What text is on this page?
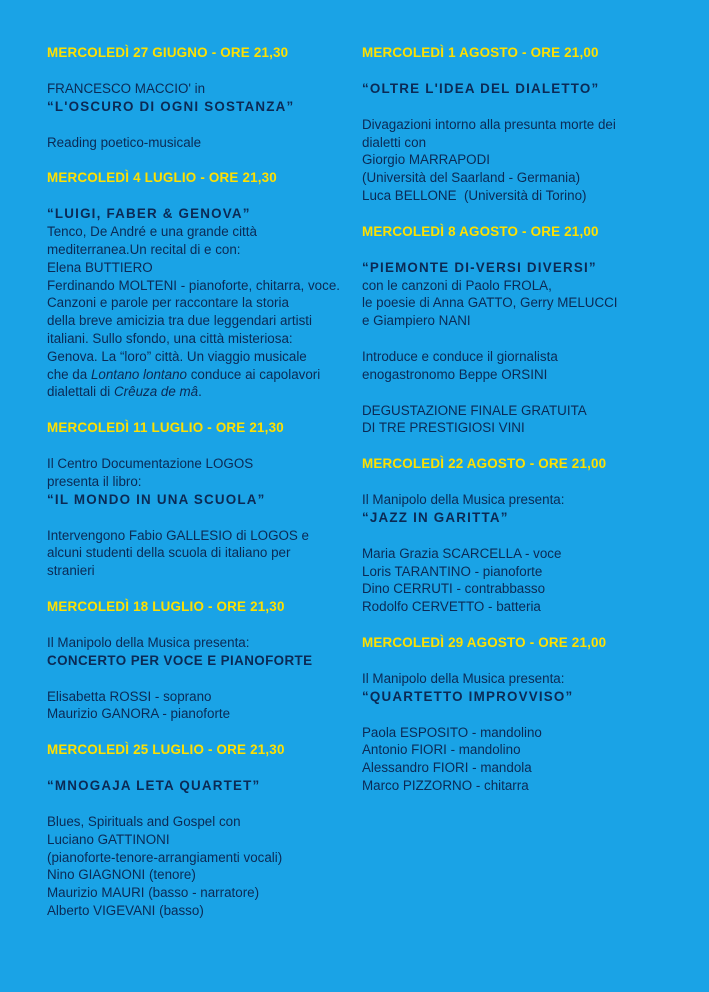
MERCOLEDÌ 27 GIUGNO - ORE 21,30
FRANCESCO MACCIO' in
“L'OSCURO DI OGNI SOSTANZA”
Reading poetico-musicale
MERCOLEDÌ 4 LUGLIO - ORE 21,30
“LUIGI, FABER & GENOVA”
Tenco, De André e una grande città
mediterranea.Un recital di e con:
Elena BUTTIERO
Ferdinando MOLTENI - pianoforte, chitarra, voce.
Canzoni e parole per raccontare la storia
della breve amicizia tra due leggendari artisti
italiani. Sullo sfondo, una città misteriosa:
Genova. La “loro” città. Un viaggio musicale
che da Lontano lontano conduce ai capolavori
dialettali di Crêuza de mâ.
MERCOLEDÌ 11 LUGLIO - ORE 21,30
Il Centro Documentazione LOGOS
presenta il libro:
“IL MONDO IN UNA SCUOLA”
Intervengono Fabio GALLESIO di LOGOS e
alcuni studenti della scuola di italiano per
stranieri
MERCOLEDÌ 18 LUGLIO - ORE 21,30
Il Manipolo della Musica presenta:
CONCERTO PER VOCE E PIANOFORTE
Elisabetta ROSSI - soprano
Maurizio GANORA - pianoforte
MERCOLEDÌ 25 LUGLIO - ORE 21,30
“MNOGAJA LETA QUARTET”
Blues, Spirituals and Gospel con
Luciano GATTINONI
(pianoforte-tenore-arrangiamenti vocali)
Nino GIAGNONI (tenore)
Maurizio MAURI (basso - narratore)
Alberto VIGEVANI (basso)
MERCOLEDÌ 1 AGOSTO - ORE 21,00
“OLTRE L'IDEA DEL DIALETTO”
Divagazioni intorno alla presunta morte dei
dialetti con
Giorgio MARRAPODI
(Università del Saarland - Germania)
Luca BELLONE  (Università di Torino)
MERCOLEDÌ 8 AGOSTO - ORE 21,00
“PIEMONTE DI-VERSI DIVERSI”
con le canzoni di Paolo FROLA,
le poesie di Anna GATTO, Gerry MELUCCI
e Giampiero NANI
Introduce e conduce il giornalista
enogastronomo Beppe ORSINI
DEGUSTAZIONE FINALE GRATUITA
DI TRE PRESTIGIOSI VINI
MERCOLEDÌ 22 AGOSTO - ORE 21,00
Il Manipolo della Musica presenta:
“JAZZ IN GARITTA”
Maria Grazia SCARCELLA - voce
Loris TARANTINO - pianoforte
Dino CERRUTI - contrabbasso
Rodolfo CERVETTO - batteria
MERCOLEDÌ 29 AGOSTO - ORE 21,00
Il Manipolo della Musica presenta:
“QUARTETTO IMPROVVISO”
Paola ESPOSITO - mandolino
Antonio FIORI - mandolino
Alessandro FIORI - mandola
Marco PIZZORNO - chitarra
